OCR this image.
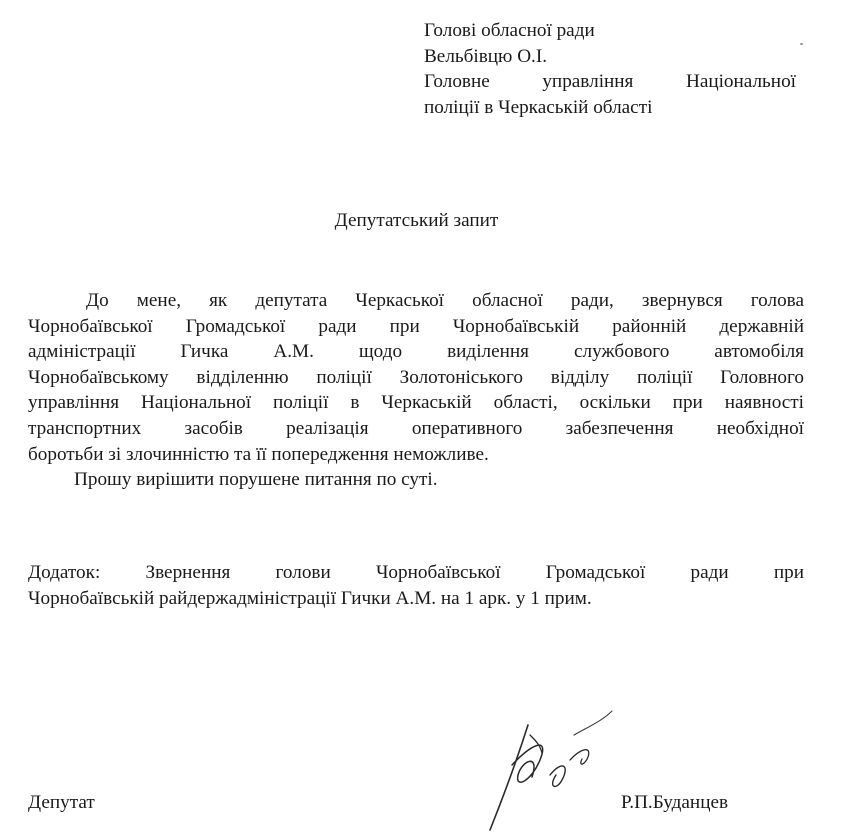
Голові обласної ради
Вельбівцю О.І.
Головне управління Національної
поліції в Черкаській області
Депутатський запит

До мене, як депутата Черкаської обласної ради, звернувся голова
Чорнобаївської Громадської ради при Чорнобаївській районній державній
адміністрації Гичка А.М. щодо виділення службового автомобіля
Чорнобаївському відділенню поліції Золотоніського відділу поліції Головного
управління Національної поліції в Черкаській області, оскільки при наявності
транспортних засобів реалізація оперативного забезпечення необхідної
боротьби зі злочинністю та її попередження неможливе.

Прошу вирішити порушене питання по суті.

Додаток: Звернення голови Чорнобаївської Громадської ради при
Чорнобаївській райдержадміністрації Гички А.М. на 1 арк. у 1 прим.
Депутат	Р.П.Буданцев
